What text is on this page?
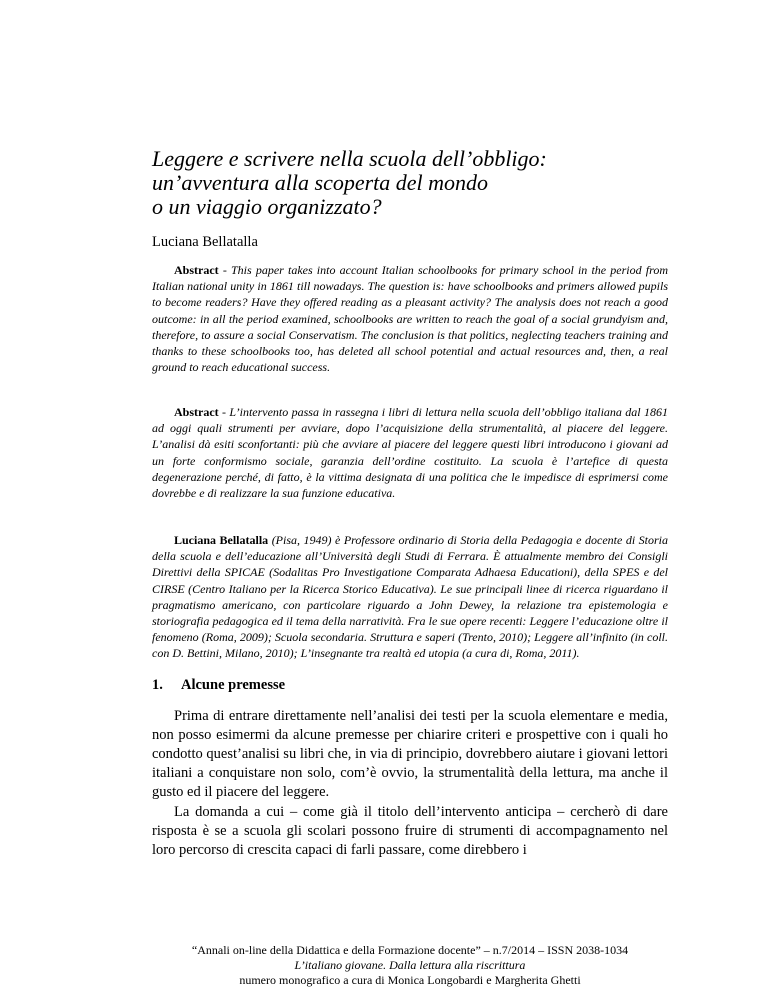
Leggere e scrivere nella scuola dell’obbligo:
un’avventura alla scoperta del mondo
o un viaggio organizzato?
Luciana Bellatalla

Abstract - This paper takes into account Italian schoolbooks for primary school in the period from Italian national unity in 1861 till nowadays. The question is: have schoolbooks and primers allowed pupils to become readers? Have they offered reading as a pleasant activity? The analysis does not reach a good outcome: in all the period examined, schoolbooks are written to reach the goal of a social grundyism and, therefore, to assure a social Conservatism. The conclusion is that politics, neglecting teachers training and thanks to these schoolbooks too, has deleted all school potential and actual resources and, then, a real ground to reach educational success.

Abstract - L’intervento passa in rassegna i libri di lettura nella scuola dell’obbligo italiana dal 1861 ad oggi quali strumenti per avviare, dopo l’acquisizione della strumentalità, al piacere del leggere. L’analisi dà esiti sconfortanti: più che avviare al piacere del leggere questi libri introducono i giovani ad un forte conformismo sociale, garanzia dell’ordine costituito. La scuola è l’artefice di questa degenerazione perché, di fatto, è la vittima designata di una politica che le impedisce di esprimersi come dovrebbe e di realizzare la sua funzione educativa.

Luciana Bellatalla (Pisa, 1949) è Professore ordinario di Storia della Pedagogia e docente di Storia della scuola e dell’educazione all’Università degli Studi di Ferrara. È attualmente membro dei Consigli Direttivi della SPICAE (Sodalitas Pro Investigatione Comparata Adhaesa Educationi), della SPES e del CIRSE (Centro Italiano per la Ricerca Storico Educativa). Le sue principali linee di ricerca riguardano il pragmatismo americano, con particolare riguardo a John Dewey, la relazione tra epistemologia e storiografia pedagogica ed il tema della narratività. Fra le sue opere recenti: Leggere l’educazione oltre il fenomeno (Roma, 2009); Scuola secondaria. Struttura e saperi (Trento, 2010); Leggere all’infinito (in coll. con D. Bettini, Milano, 2010); L’insegnante tra realtà ed utopia (a cura di, Roma, 2011).

1. Alcune premesse

Prima di entrare direttamente nell’analisi dei testi per la scuola elementare e media, non posso esimermi da alcune premesse per chiarire criteri e prospettive con i quali ho condotto quest’analisi su libri che, in via di principio, dovrebbero aiutare i giovani lettori italiani a conquistare non solo, com’è ovvio, la strumentalità della lettura, ma anche il gusto ed il piacere del leggere.

La domanda a cui – come già il titolo dell’intervento anticipa – cercherò di dare risposta è se a scuola gli scolari possono fruire di strumenti di accompagnamento nel loro percorso di crescita capaci di farli passare, come direbbero i

“Annali on-line della Didattica e della Formazione docente” – n.7/2014 – ISSN 2038-1034
L’italiano giovane. Dalla lettura alla riscrittura
numero monografico a cura di Monica Longobardi e Margherita Ghetti
